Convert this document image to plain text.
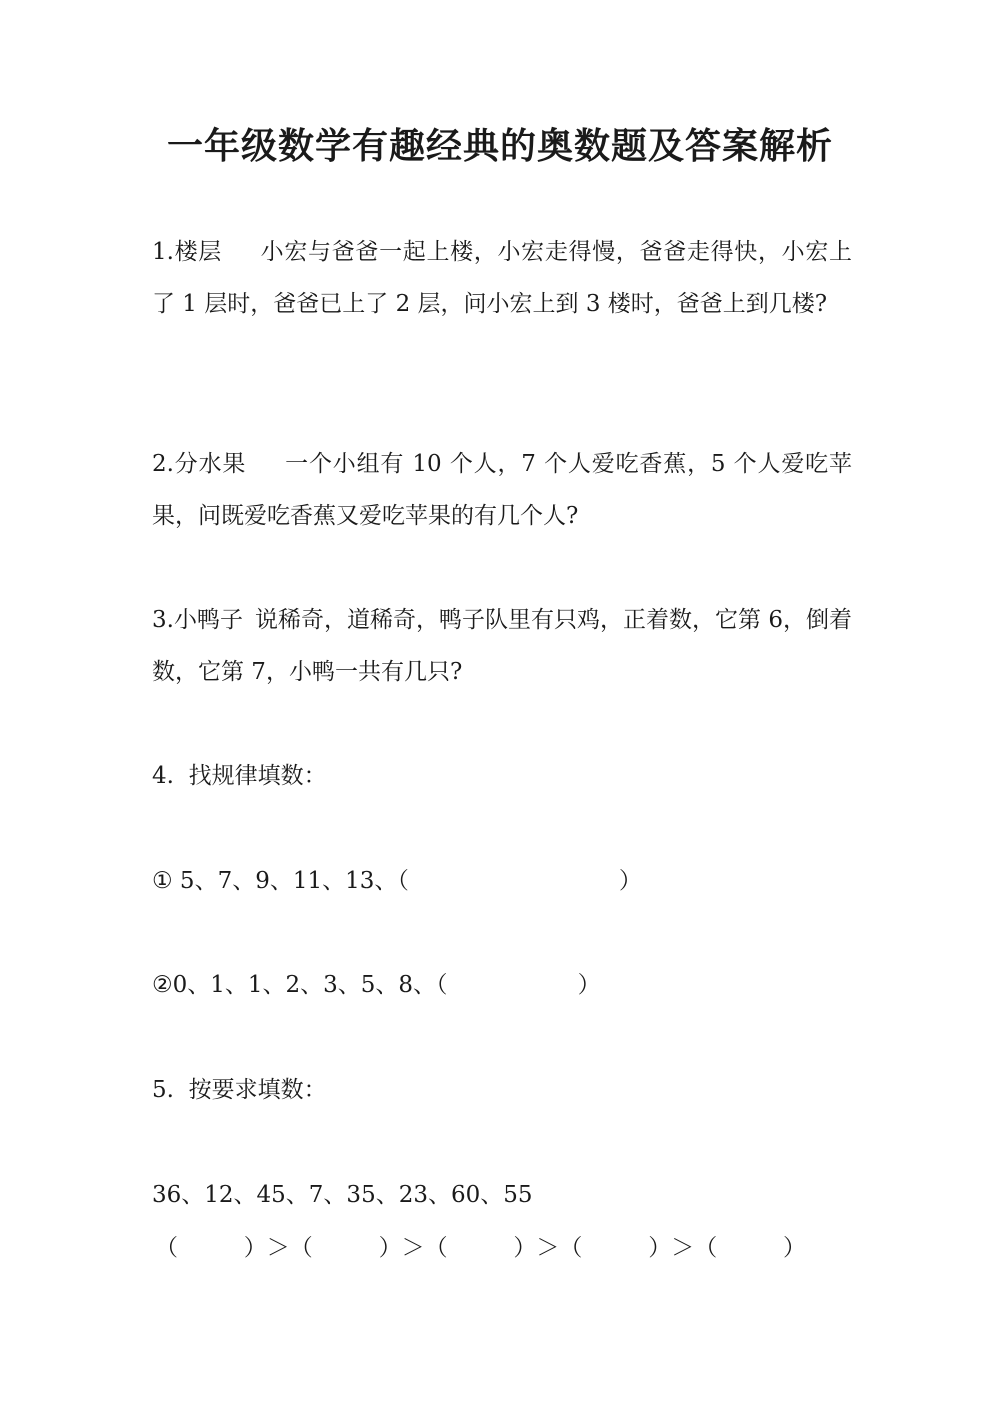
一年级数学有趣经典的奥数题及答案解析
1.楼层 小宏与爸爸一起上楼，小宏走得慢，爸爸走得快，小宏上了 1 层时，爸爸已上了 2 层，问小宏上到 3 楼时，爸爸上到几楼?
2.分水果 一个小组有 10 个人，7 个人爱吃香蕉，5 个人爱吃苹果，问既爱吃香蕉又爱吃苹果的有几个人?
3.小鸭子 说稀奇，道稀奇，鸭子队里有只鸡，正着数，它第 6，倒着数，它第 7，小鸭一共有几只?
4.  找规律填数：
① 5、7、9、11、13、（	）
②0、1、1、2、3、5、8、（	）
5.  按要求填数：
36、12、45、7、35、23、60、55
（         ）＞（         ）＞（         ）＞（         ）＞（         ）
